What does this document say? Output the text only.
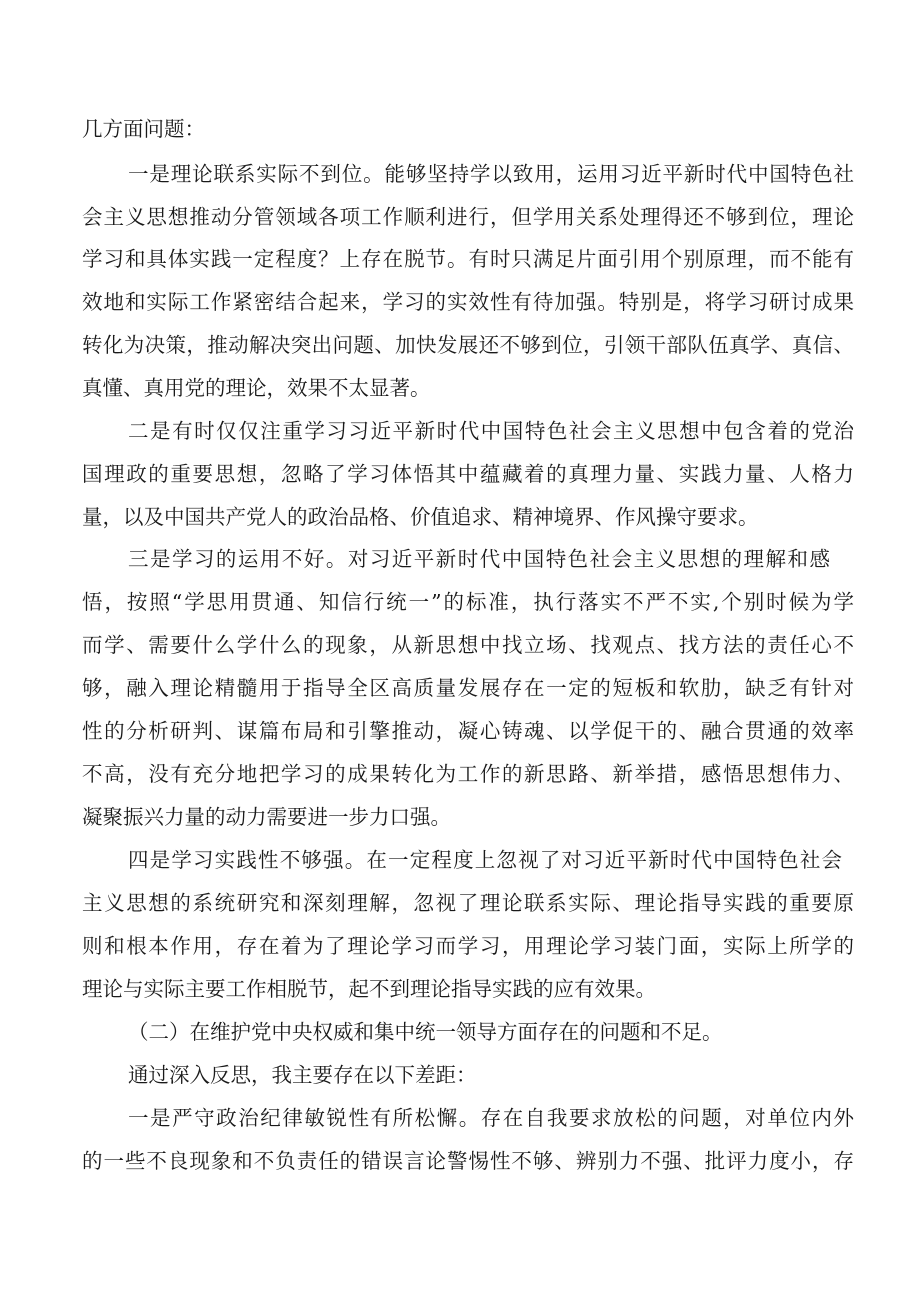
几方面问题：
一是理论联系实际不到位。能够坚持学以致用，运用习近平新时代中国特色社
会主义思想推动分管领域各项工作顺利进行，但学用关系处理得还不够到位，理论
学习和具体实践一定程度？上存在脱节。有时只满足片面引用个别原理，而不能有
效地和实际工作紧密结合起来，学习的实效性有待加强。特别是，将学习研讨成果
转化为决策，推动解决突出问题、加快发展还不够到位，引领干部队伍真学、真信、
真懂、真用党的理论，效果不太显著。
二是有时仅仅注重学习习近平新时代中国特色社会主义思想中包含着的党治
国理政的重要思想，忽略了学习体悟其中蕴藏着的真理力量、实践力量、人格力
量，以及中国共产党人的政治品格、价值追求、精神境界、作风操守要求。
三是学习的运用不好。对习近平新时代中国特色社会主义思想的理解和感
悟，按照“学思用贯通、知信行统一”的标准，执行落实不严不实,个别时候为学
而学、需要什么学什么的现象，从新思想中找立场、找观点、找方法的责任心不
够，融入理论精髓用于指导全区高质量发展存在一定的短板和软肋，缺乏有针对
性的分析研判、谋篇布局和引擎推动，凝心铸魂、以学促干的、融合贯通的效率
不高，没有充分地把学习的成果转化为工作的新思路、新举措，感悟思想伟力、
凝聚振兴力量的动力需要进一步力口强。
四是学习实践性不够强。在一定程度上忽视了对习近平新时代中国特色社会
主义思想的系统研究和深刻理解，忽视了理论联系实际、理论指导实践的重要原
则和根本作用，存在着为了理论学习而学习，用理论学习装门面，实际上所学的
理论与实际主要工作相脱节，起不到理论指导实践的应有效果。
（二）在维护党中央权威和集中统一领导方面存在的问题和不足。
通过深入反思，我主要存在以下差距：
一是严守政治纪律敏锐性有所松懈。存在自我要求放松的问题，对单位内外
的一些不良现象和不负责任的错误言论警惕性不够、辨别力不强、批评力度小，存
